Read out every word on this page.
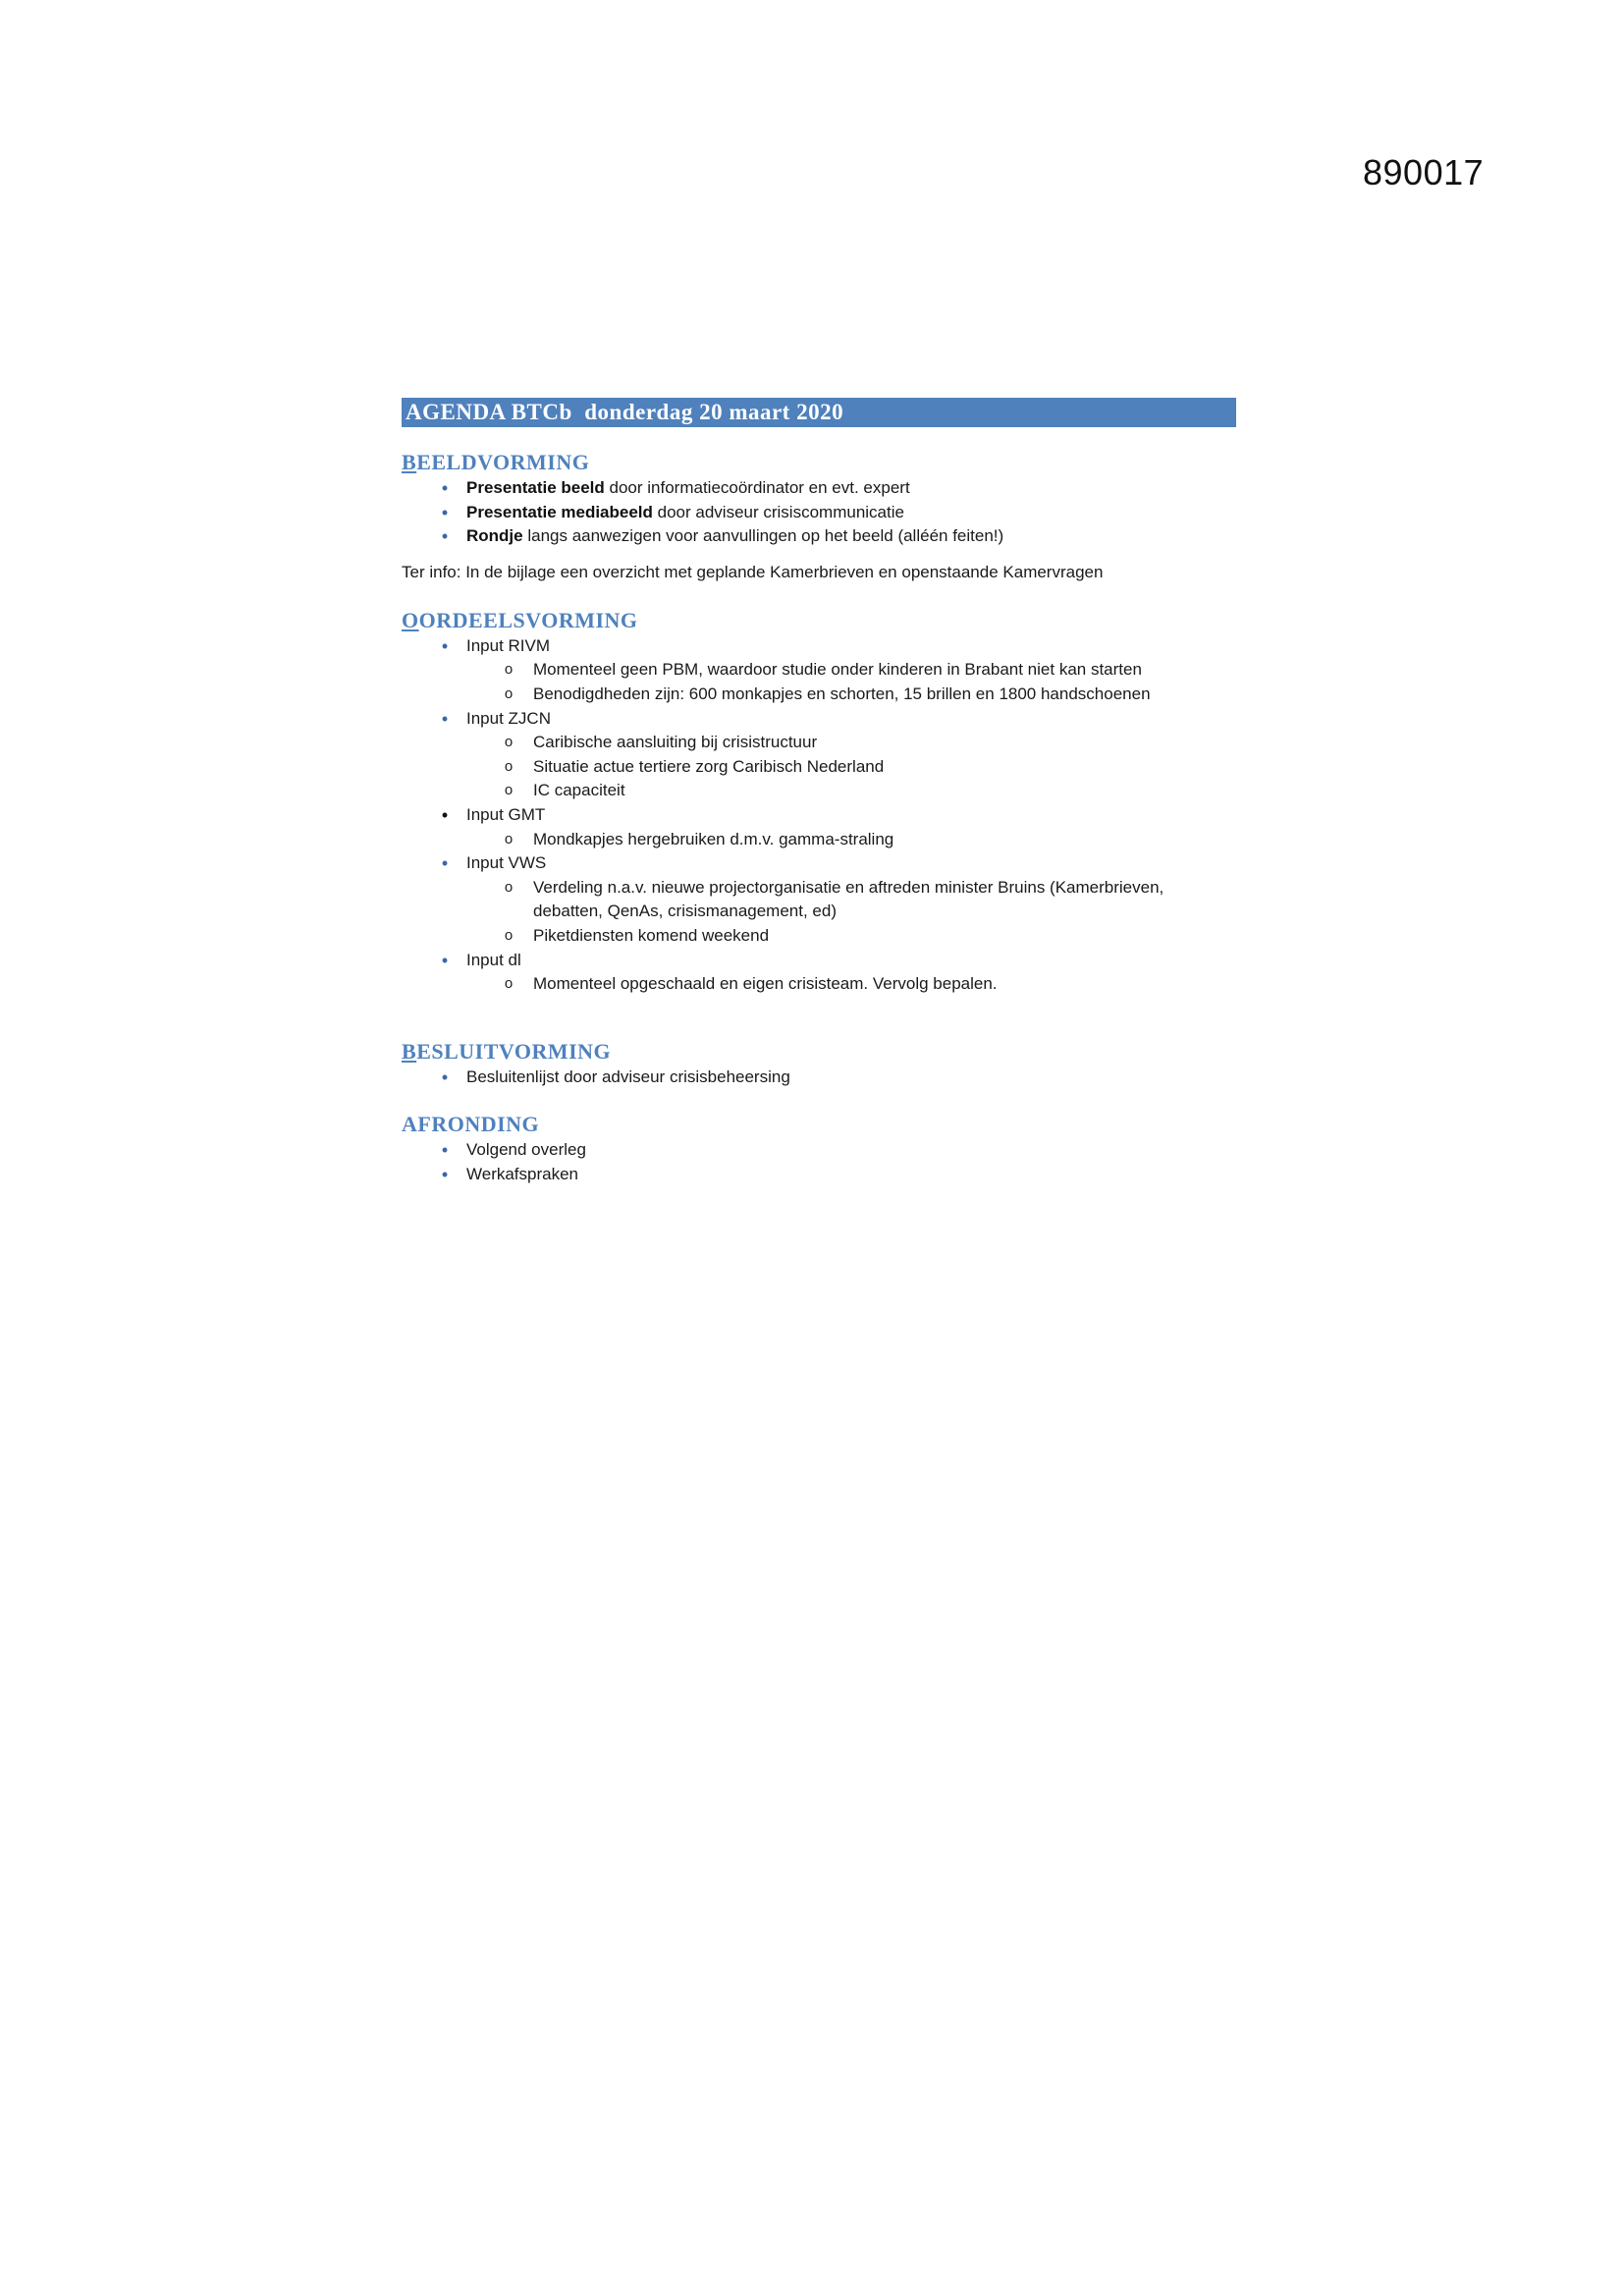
890017
AGENDA BTCb  donderdag 20 maart 2020
BEELDVORMING
•	Presentatie beeld door informatiecoördinator en evt. expert
•	Presentatie mediabeeld door adviseur crisiscommunicatie
•	Rondje langs aanwezigen voor aanvullingen op het beeld (alléén feiten!)

Ter info: In de bijlage een overzicht met geplande Kamerbrieven en openstaande Kamervragen

OORDEELSVORMING
•	Input RIVM
o	Momenteel geen PBM, waardoor studie onder kinderen in Brabant niet kan starten
o	Benodigdheden zijn: 600 monkapjes en schorten, 15 brillen en 1800 handschoenen
•	Input ZJCN
o	Caribische aansluiting bij crisistructuur
o	Situatie actue tertiere zorg Caribisch Nederland
o	IC capaciteit
•	Input GMT
o	Mondkapjes hergebruiken d.m.v. gamma-straling
•	Input VWS
o	Verdeling n.a.v. nieuwe projectorganisatie en aftreden minister Bruins (Kamerbrieven, debatten, QenAs, crisismanagement, ed)
o	Piketdiensten komend weekend
•	Input dl
o	Momenteel opgeschaald en eigen crisisteam. Vervolg bepalen.
BESLUITVORMING
•	Besluitenlijst door adviseur crisisbeheersing
AFRONDING
•	Volgend overleg
•	Werkafspraken
